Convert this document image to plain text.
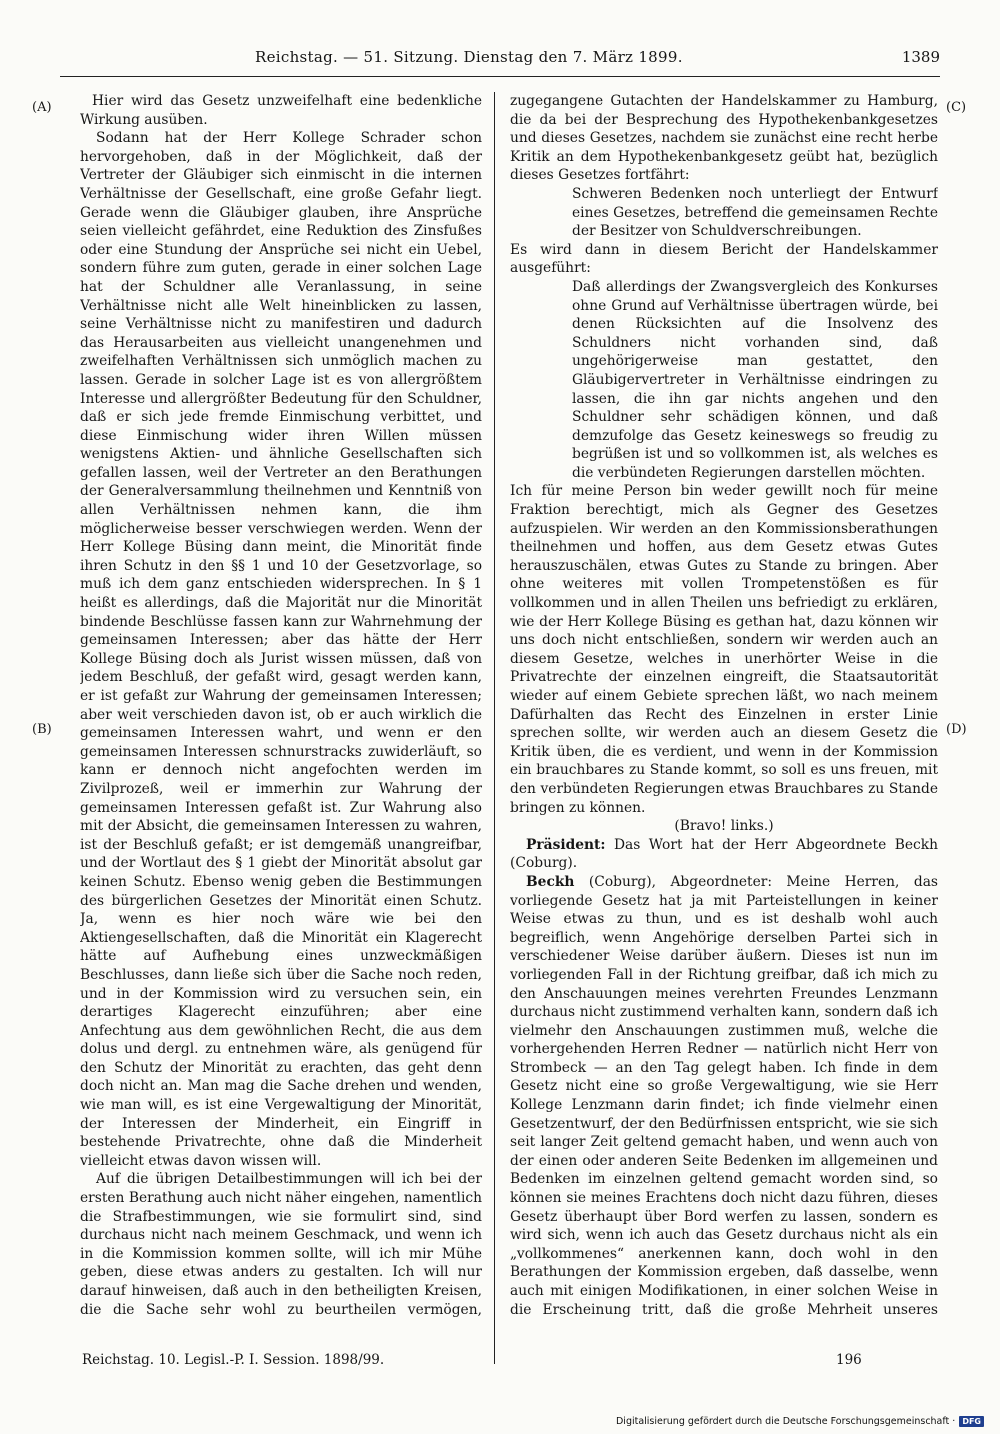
Reichstag. — 51. Sitzung. Dienstag den 7. März 1899.	1389
(A)
(B)
(C)
(D)

Hier wird das Gesetz unzweifelhaft eine bedenkliche Wirkung ausüben.

Sodann hat der Herr Kollege Schrader schon hervorgehoben, daß in der Möglichkeit, daß der Vertreter der Gläubiger sich einmischt in die internen Verhältnisse der Gesellschaft, eine große Gefahr liegt. Gerade wenn die Gläubiger glauben, ihre Ansprüche seien vielleicht gefährdet, eine Reduktion des Zinsfußes oder eine Stundung der Ansprüche sei nicht ein Uebel, sondern führe zum guten, gerade in einer solchen Lage hat der Schuldner alle Veranlassung, in seine Verhältnisse nicht alle Welt hineinblicken zu lassen, seine Verhältnisse nicht zu manifestiren und dadurch das Herausarbeiten aus vielleicht unangenehmen und zweifelhaften Verhältnissen sich unmöglich machen zu lassen. Gerade in solcher Lage ist es von allergrößtem Interesse und allergrößter Bedeutung für den Schuldner, daß er sich jede fremde Einmischung verbittet, und diese Einmischung wider ihren Willen müssen wenigstens Aktien- und ähnliche Gesellschaften sich gefallen lassen, weil der Vertreter an den Berathungen der Generalversammlung theilnehmen und Kenntniß von allen Verhältnissen nehmen kann, die ihm möglicherweise besser verschwiegen werden. Wenn der Herr Kollege Büsing dann meint, die Minorität finde ihren Schutz in den §§ 1 und 10 der Gesetzvorlage, so muß ich dem ganz entschieden widersprechen. In § 1 heißt es allerdings, daß die Majorität nur die Minorität bindende Beschlüsse fassen kann zur Wahrnehmung der gemeinsamen Interessen; aber das hätte der Herr Kollege Büsing doch als Jurist wissen müssen, daß von jedem Beschluß, der gefaßt wird, gesagt werden kann, er ist gefaßt zur Wahrung der gemeinsamen Interessen; aber weit verschieden davon ist, ob er auch wirklich die gemeinsamen Interessen wahrt, und wenn er den gemeinsamen Interessen schnurstracks zuwiderläuft, so kann er dennoch nicht angefochten werden im Zivilprozeß, weil er immerhin zur Wahrung der gemeinsamen Interessen gefaßt ist. Zur Wahrung also mit der Absicht, die gemeinsamen Interessen zu wahren, ist der Beschluß gefaßt; er ist demgemäß unangreifbar, und der Wortlaut des § 1 giebt der Minorität absolut gar keinen Schutz. Ebenso wenig geben die Bestimmungen des bürgerlichen Gesetzes der Minorität einen Schutz. Ja, wenn es hier noch wäre wie bei den Aktiengesellschaften, daß die Minorität ein Klagerecht hätte auf Aufhebung eines unzweckmäßigen Beschlusses, dann ließe sich über die Sache noch reden, und in der Kommission wird zu versuchen sein, ein derartiges Klagerecht einzuführen; aber eine Anfechtung aus dem gewöhnlichen Recht, die aus dem dolus und dergl. zu entnehmen wäre, als genügend für den Schutz der Minorität zu erachten, das geht denn doch nicht an. Man mag die Sache drehen und wenden, wie man will, es ist eine Vergewaltigung der Minorität, der Interessen der Minderheit, ein Eingriff in bestehende Privatrechte, ohne daß die Minderheit vielleicht etwas davon wissen will.

Auf die übrigen Detailbestimmungen will ich bei der ersten Berathung auch nicht näher eingehen, namentlich die Strafbestimmungen, wie sie formulirt sind, sind durchaus nicht nach meinem Geschmack, und wenn ich in die Kommission kommen sollte, will ich mir Mühe geben, diese etwas anders zu gestalten. Ich will nur darauf hinweisen, daß auch in den betheiligten Kreisen, die die Sache sehr wohl zu beurtheilen vermögen,

zugegangene Gutachten der Handelskammer zu Hamburg, die da bei der Besprechung des Hypothekenbankgesetzes und dieses Gesetzes, nachdem sie zunächst eine recht herbe Kritik an dem Hypothekenbankgesetz geübt hat, bezüglich dieses Gesetzes fortfährt:

Schweren Bedenken noch unterliegt der Entwurf eines Gesetzes, betreffend die gemeinsamen Rechte der Besitzer von Schuldverschreibungen.

Es wird dann in diesem Bericht der Handelskammer ausgeführt:

Daß allerdings der Zwangsvergleich des Konkurses ohne Grund auf Verhältnisse übertragen würde, bei denen Rücksichten auf die Insolvenz des Schuldners nicht vorhanden sind, daß ungehörigerweise man gestattet, den Gläubigervertreter in Verhältnisse eindringen zu lassen, die ihn gar nichts angehen und den Schuldner sehr schädigen können, und daß demzufolge das Gesetz keineswegs so freudig zu begrüßen ist und so vollkommen ist, als welches es die verbündeten Regierungen darstellen möchten.

Ich für meine Person bin weder gewillt noch für meine Fraktion berechtigt, mich als Gegner des Gesetzes aufzuspielen. Wir werden an den Kommissionsberathungen theilnehmen und hoffen, aus dem Gesetz etwas Gutes herauszuschälen, etwas Gutes zu Stande zu bringen. Aber ohne weiteres mit vollen Trompetenstößen es für vollkommen und in allen Theilen uns befriedigt zu erklären, wie der Herr Kollege Büsing es gethan hat, dazu können wir uns doch nicht entschließen, sondern wir werden auch an diesem Gesetze, welches in unerhörter Weise in die Privatrechte der einzelnen eingreift, die Staatsautorität wieder auf einem Gebiete sprechen läßt, wo nach meinem Dafürhalten das Recht des Einzelnen in erster Linie sprechen sollte, wir werden auch an diesem Gesetz die Kritik üben, die es verdient, und wenn in der Kommission ein brauchbares zu Stande kommt, so soll es uns freuen, mit den verbündeten Regierungen etwas Brauchbares zu Stande bringen zu können.

(Bravo! links.)

Präsident: Das Wort hat der Herr Abgeordnete Beckh (Coburg).

Beckh (Coburg), Abgeordneter: Meine Herren, das vorliegende Gesetz hat ja mit Parteistellungen in keiner Weise etwas zu thun, und es ist deshalb wohl auch begreiflich, wenn Angehörige derselben Partei sich in verschiedener Weise darüber äußern. Dieses ist nun im vorliegenden Fall in der Richtung greifbar, daß ich mich zu den Anschauungen meines verehrten Freundes Lenzmann durchaus nicht zustimmend verhalten kann, sondern daß ich vielmehr den Anschauungen zustimmen muß, welche die vorhergehenden Herren Redner — natürlich nicht Herr von Strombeck — an den Tag gelegt haben. Ich finde in dem Gesetz nicht eine so große Vergewaltigung, wie sie Herr Kollege Lenzmann darin findet; ich finde vielmehr einen Gesetzentwurf, der den Bedürfnissen entspricht, wie sie sich seit langer Zeit geltend gemacht haben, und wenn auch von der einen oder anderen Seite Bedenken im allgemeinen und Bedenken im einzelnen geltend gemacht worden sind, so können sie meines Erachtens doch nicht dazu führen, dieses Gesetz überhaupt über Bord werfen zu lassen, sondern es wird sich, wenn ich auch das Gesetz durchaus nicht als ein „vollkommenes“ anerkennen kann, doch wohl in den Berathungen der Kommission ergeben, daß dasselbe, wenn auch mit einigen Modifikationen, in einer solchen Weise in die Erscheinung tritt, daß die große Mehrheit unseres

Reichstag. 10. Legisl.-P. I. Session. 1898/99.	196
Digitalisierung gefördert durch die Deutsche Forschungsgemeinschaft · DFG
